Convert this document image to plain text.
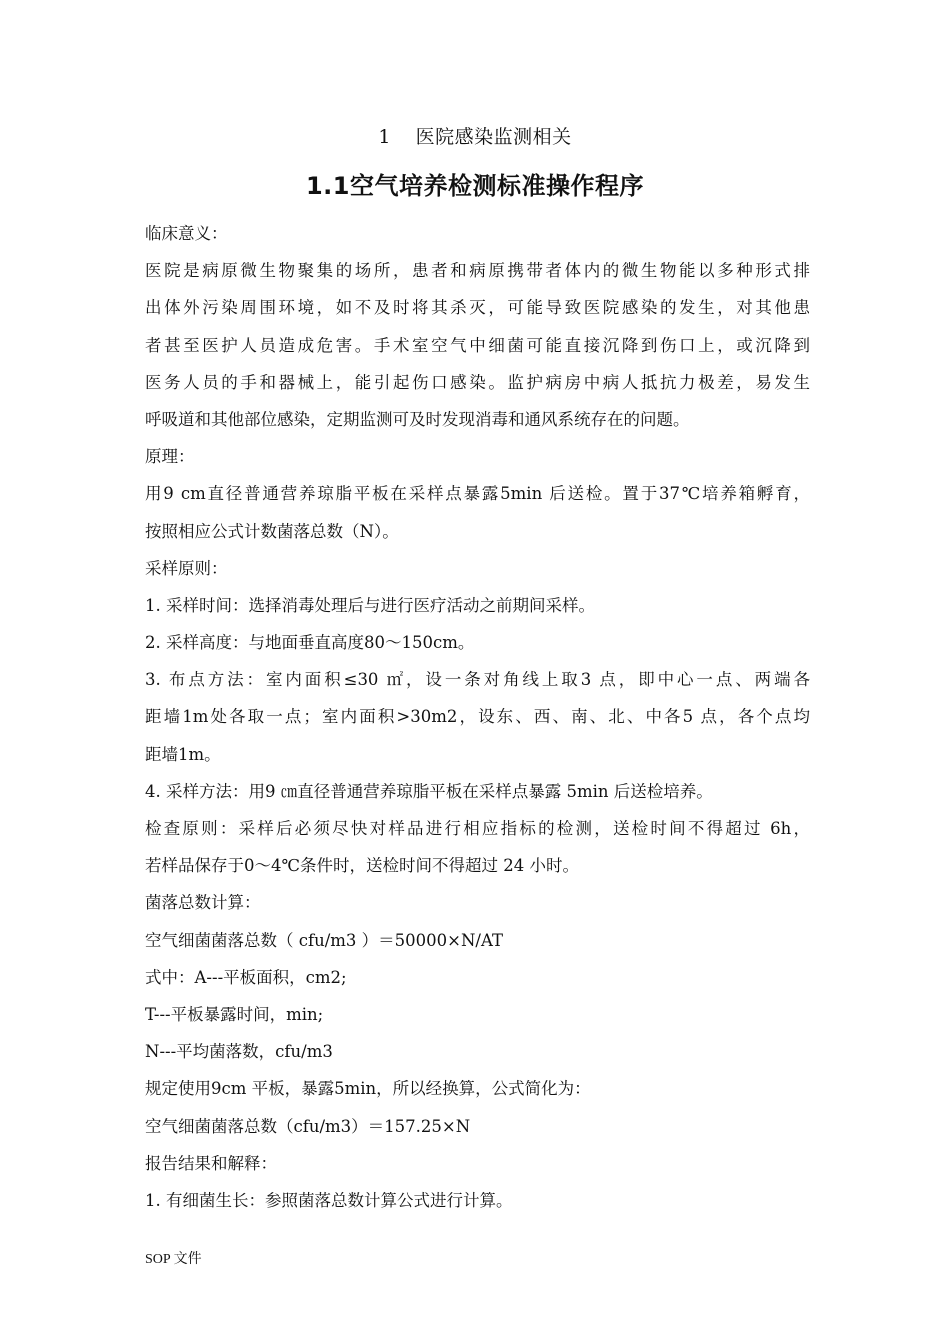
1 医院感染监测相关
1.1空气培养检测标准操作程序
临床意义：
医院是病原微生物聚集的场所，患者和病原携带者体内的微生物能以多种形式排
出体外污染周围环境，如不及时将其杀灭，可能导致医院感染的发生，对其他患
者甚至医护人员造成危害。手术室空气中细菌可能直接沉降到伤口上，或沉降到
医务人员的手和器械上，能引起伤口感染。监护病房中病人抵抗力极差，易发生
呼吸道和其他部位感染，定期监测可及时发现消毒和通风系统存在的问题。
原理：
用9 cm直径普通营养琼脂平板在采样点暴露5min 后送检。置于37℃培养箱孵育，
按照相应公式计数菌落总数（N）。
采样原则：
1. 采样时间：选择消毒处理后与进行医疗活动之前期间采样。
2. 采样高度：与地面垂直高度80～150cm。
3. 布点方法：室内面积≤30 ㎡，设一条对角线上取3 点，即中心一点、两端各
距墙1m处各取一点；室内面积>30m2，设东、西、南、北、中各5 点，各个点均
距墙1m。
4. 采样方法：用9 ㎝直径普通营养琼脂平板在采样点暴露 5min 后送检培养。
检查原则：采样后必须尽快对样品进行相应指标的检测，送检时间不得超过 6h，
若样品保存于0～4℃条件时，送检时间不得超过 24 小时。
菌落总数计算：
空气细菌菌落总数（ cfu/m3 ）＝50000×N/AT
式中：A---平板面积，cm2;
T---平板暴露时间，min;
N---平均菌落数，cfu/m3
规定使用9cm 平板，暴露5min，所以经换算，公式简化为：
空气细菌菌落总数（cfu/m3）＝157.25×N
报告结果和解释：
1. 有细菌生长：参照菌落总数计算公式进行计算。
SOP 文件
